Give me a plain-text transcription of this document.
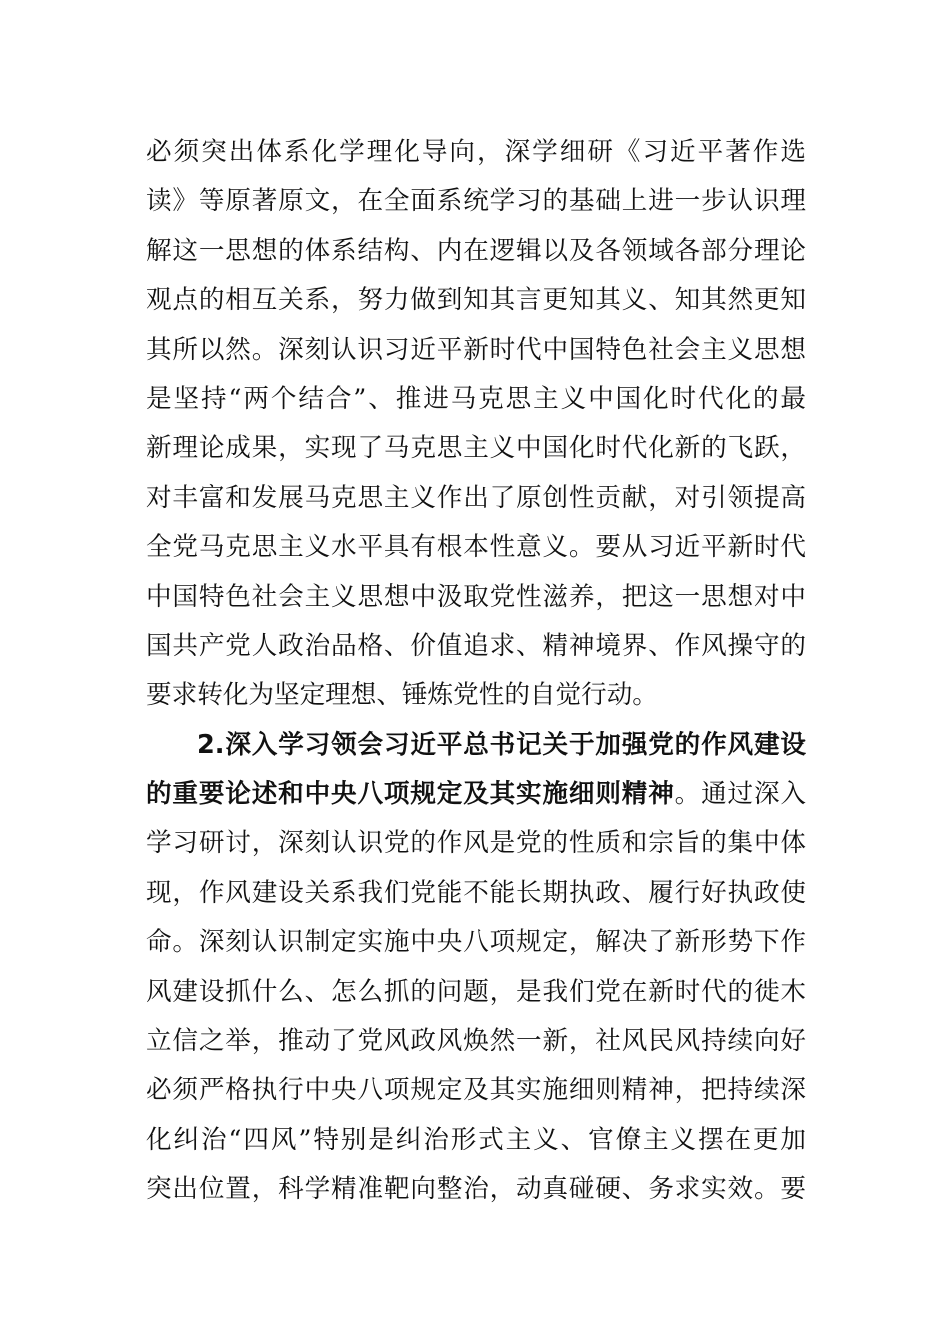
必须突出体系化学理化导向，深学细研《习近平著作选
读》等原著原文，在全面系统学习的基础上进一步认识理
解这一思想的体系结构、内在逻辑以及各领域各部分理论
观点的相互关系，努力做到知其言更知其义、知其然更知
其所以然。深刻认识习近平新时代中国特色社会主义思想
是坚持“两个结合”、推进马克思主义中国化时代化的最
新理论成果，实现了马克思主义中国化时代化新的飞跃，
对丰富和发展马克思主义作出了原创性贡献，对引领提高
全党马克思主义水平具有根本性意义。要从习近平新时代
中国特色社会主义思想中汲取党性滋养，把这一思想对中
国共产党人政治品格、价值追求、精神境界、作风操守的
要求转化为坚定理想、锤炼党性的自觉行动。
2.深入学习领会习近平总书记关于加强党的作风建设
的重要论述和中央八项规定及其实施细则精神。通过深入
学习研讨，深刻认识党的作风是党的性质和宗旨的集中体
现，作风建设关系我们党能不能长期执政、履行好执政使
命。深刻认识制定实施中央八项规定，解决了新形势下作
风建设抓什么、怎么抓的问题，是我们党在新时代的徙木
立信之举，推动了党风政风焕然一新，社风民风持续向好
必须严格执行中央八项规定及其实施细则精神，把持续深
化纠治“四风”特别是纠治形式主义、官僚主义摆在更加
突出位置，科学精准靶向整治，动真碰硬、务求实效。要
